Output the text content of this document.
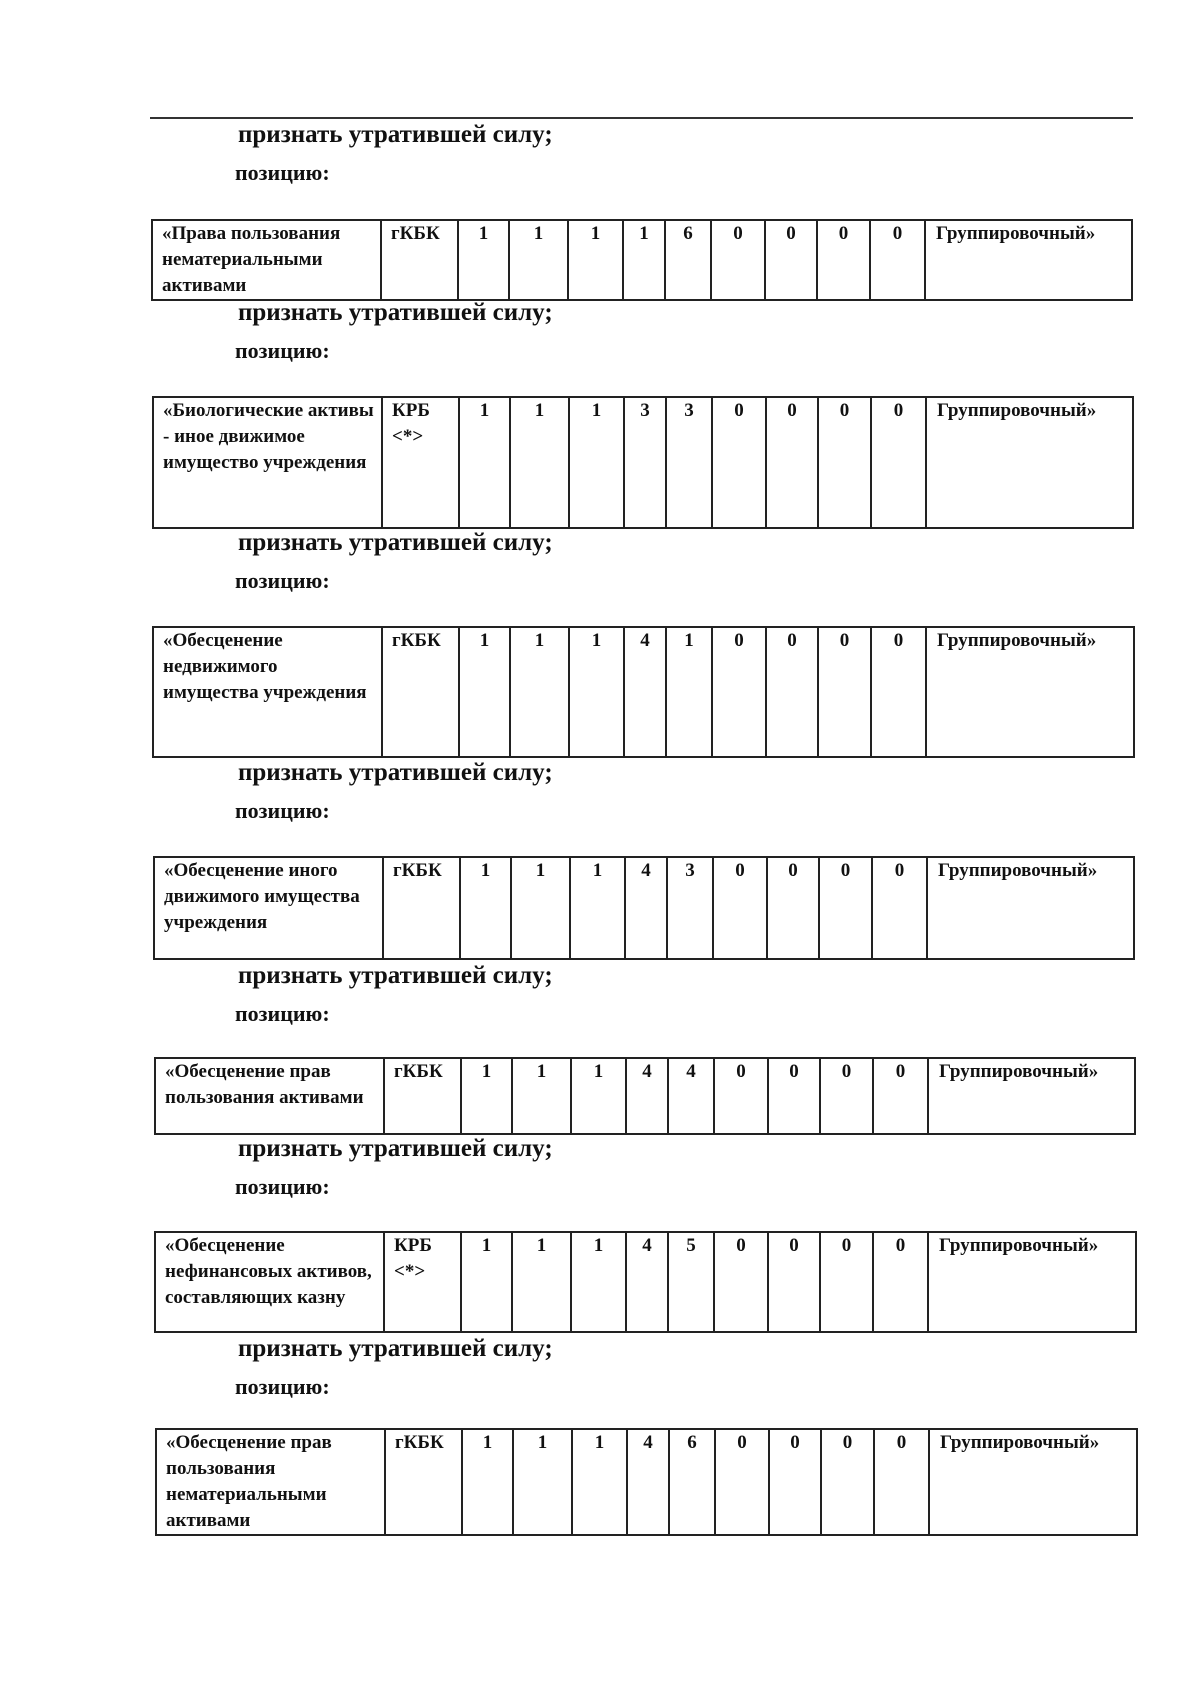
признать утратившей силу;
позицию:
«Права пользования нематериальными активами	гКБК	1	1	1	1	6	0	0	0	0	Группировочный»
признать утратившей силу;
позицию:
«Биологические активы - иное движимое имущество учреждения	КРБ <*>	1	1	1	3	3	0	0	0	0	Группировочный»
признать утратившей силу;
позицию:
«Обесценение недвижимого имущества учреждения	гКБК	1	1	1	4	1	0	0	0	0	Группировочный»
признать утратившей силу;
позицию:
«Обесценение иного движимого имущества учреждения	гКБК	1	1	1	4	3	0	0	0	0	Группировочный»
признать утратившей силу;
позицию:
«Обесценение прав пользования активами	гКБК	1	1	1	4	4	0	0	0	0	Группировочный»
признать утратившей силу;
позицию:
«Обесценение нефинансовых активов, составляющих казну	КРБ <*>	1	1	1	4	5	0	0	0	0	Группировочный»
признать утратившей силу;
позицию:
«Обесценение прав пользования нематериальными активами	гКБК	1	1	1	4	6	0	0	0	0	Группировочный»
